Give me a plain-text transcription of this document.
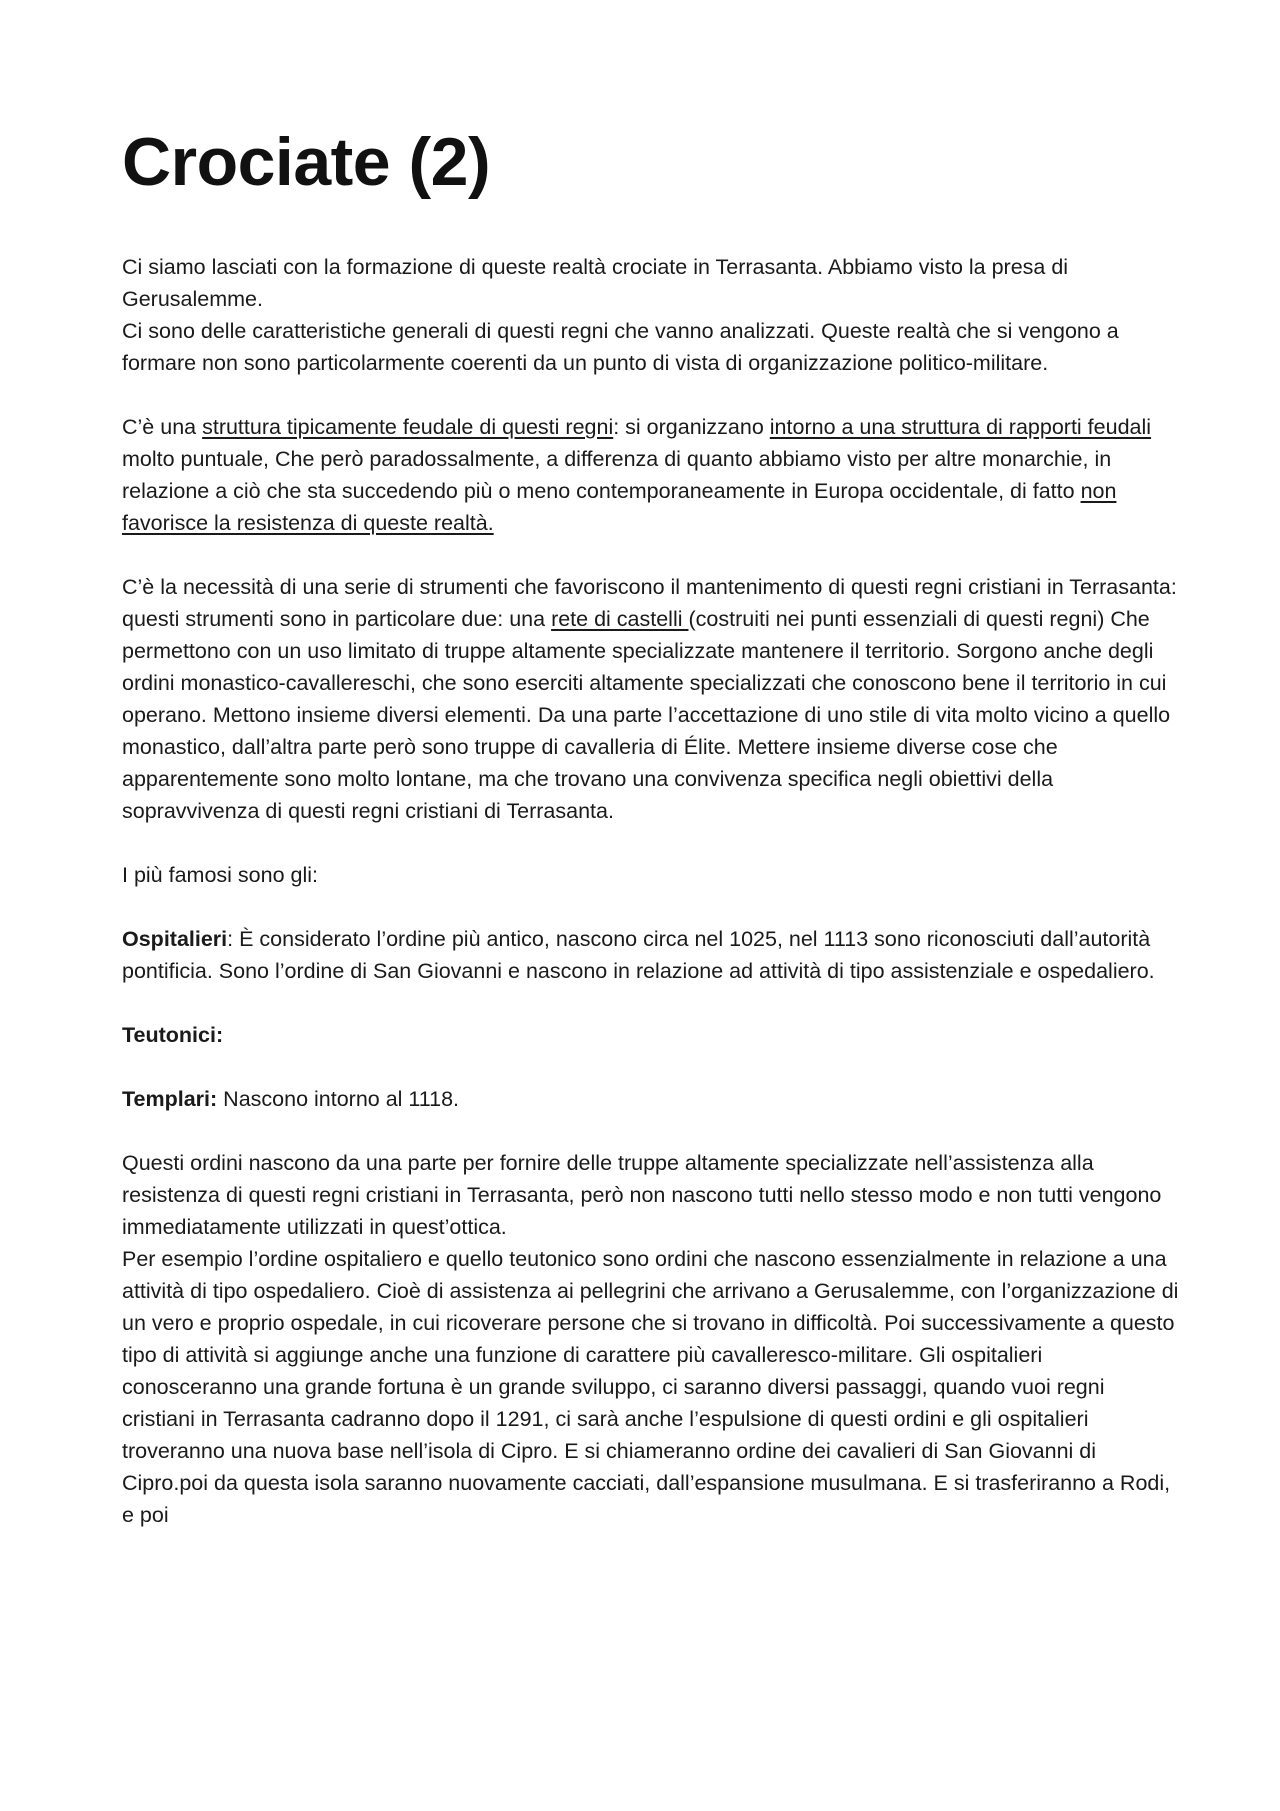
Crociate (2)

Ci siamo lasciati con la formazione di queste realtà crociate in Terrasanta. Abbiamo visto la presa di Gerusalemme.

Ci sono delle caratteristiche generali di questi regni che vanno analizzati. Queste realtà che si vengono a formare non sono particolarmente coerenti da un punto di vista di organizzazione politico-militare.

C’è una struttura tipicamente feudale di questi regni: si organizzano intorno a una struttura di rapporti feudali molto puntuale, Che però paradossalmente, a differenza di quanto abbiamo visto per altre monarchie, in relazione a ciò che sta succedendo più o meno contemporaneamente in Europa occidentale, di fatto non favorisce la resistenza di queste realtà.

C’è la necessità di una serie di strumenti che favoriscono il mantenimento di questi regni cristiani in Terrasanta: questi strumenti sono in particolare due: una rete di castelli (costruiti nei punti essenziali di questi regni) Che permettono con un uso limitato di truppe altamente specializzate mantenere il territorio. Sorgono anche degli ordini monastico-cavallereschi, che sono eserciti altamente specializzati che conoscono bene il territorio in cui operano. Mettono insieme diversi elementi. Da una parte l’accettazione di uno stile di vita molto vicino a quello monastico, dall’altra parte però sono truppe di cavalleria di Élite. Mettere insieme diverse cose che apparentemente sono molto lontane, ma che trovano una convivenza specifica negli obiettivi della sopravvivenza di questi regni cristiani di Terrasanta.

I più famosi sono gli:

Ospitalieri: È considerato l’ordine più antico, nascono circa nel 1025, nel 1113 sono riconosciuti dall’autorità pontificia. Sono l’ordine di San Giovanni e nascono in relazione ad attività di tipo assistenziale e ospedaliero.

Teutonici:

Templari: Nascono intorno al 1118.

Questi ordini nascono da una parte per fornire delle truppe altamente specializzate nell’assistenza alla resistenza di questi regni cristiani in Terrasanta, però non nascono tutti nello stesso modo e non tutti vengono immediatamente utilizzati in quest’ottica.

Per esempio l’ordine ospitaliero e quello teutonico sono ordini che nascono essenzialmente in relazione a una attività di tipo ospedaliero. Cioè di assistenza ai pellegrini che arrivano a Gerusalemme, con l’organizzazione di un vero e proprio ospedale, in cui ricoverare persone che si trovano in difficoltà. Poi successivamente a questo tipo di attività si aggiunge anche una funzione di carattere più cavalleresco-militare. Gli ospitalieri conosceranno una grande fortuna è un grande sviluppo, ci saranno diversi passaggi, quando vuoi regni cristiani in Terrasanta cadranno dopo il 1291, ci sarà anche l’espulsione di questi ordini e gli ospitalieri troveranno una nuova base nell’isola di Cipro. E si chiameranno ordine dei cavalieri di San Giovanni di Cipro.poi da questa isola saranno nuovamente cacciati, dall’espansione musulmana. E si trasferiranno a Rodi, e poi
